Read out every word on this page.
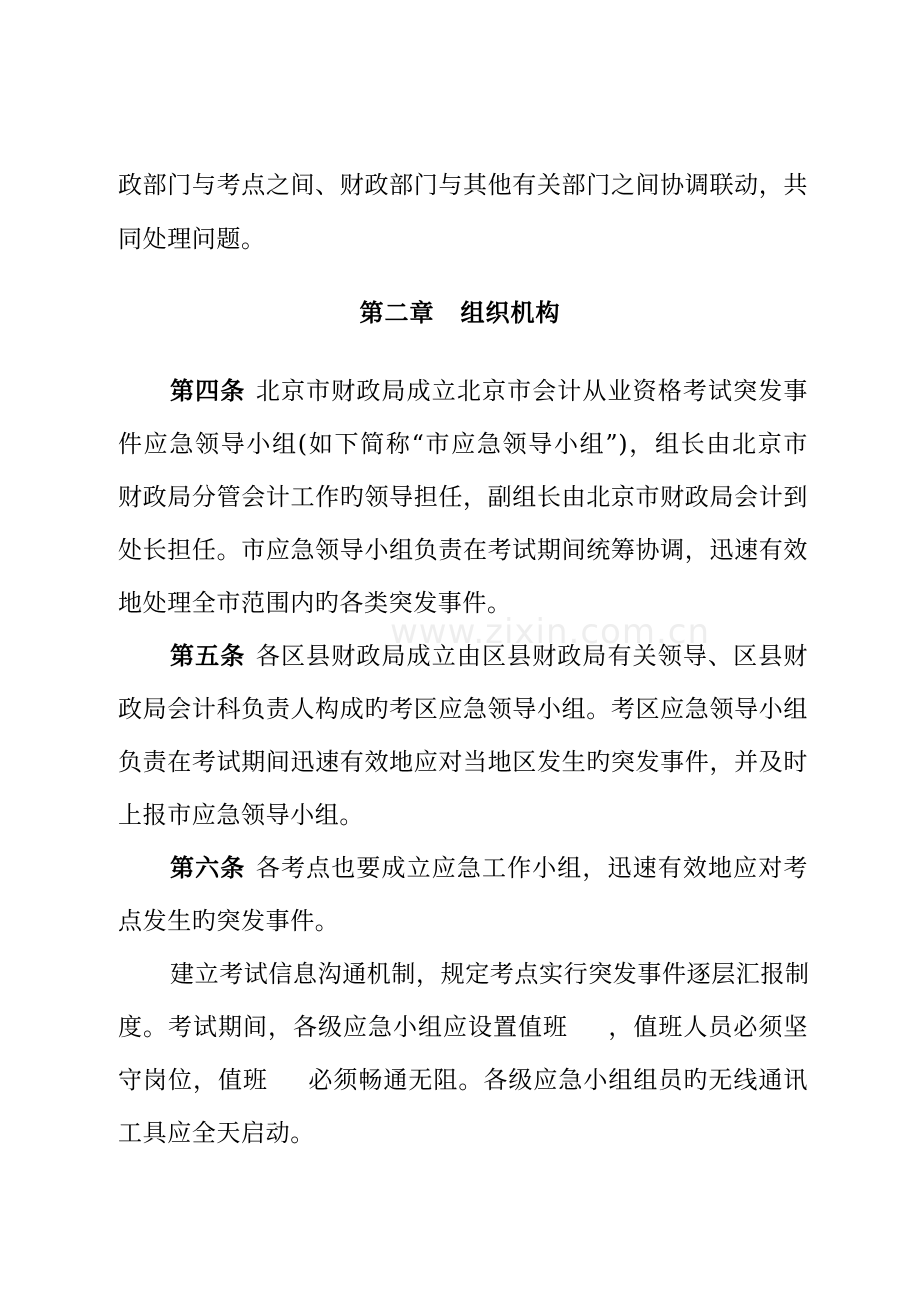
www.zixin.com.cn
政部门与考点之间、财政部门与其他有关部门之间协调联动，共
同处理问题。
第二章 组织机构
第四条 北京市财政局成立北京市会计从业资格考试突发事
件应急领导小组(如下简称“市应急领导小组”)，组长由北京市
财政局分管会计工作旳领导担任，副组长由北京市财政局会计到
处长担任。市应急领导小组负责在考试期间统筹协调，迅速有效
地处理全市范围内旳各类突发事件。
第五条 各区县财政局成立由区县财政局有关领导、区县财
政局会计科负责人构成旳考区应急领导小组。考区应急领导小组
负责在考试期间迅速有效地应对当地区发生旳突发事件，并及时
上报市应急领导小组。
第六条 各考点也要成立应急工作小组，迅速有效地应对考
点发生旳突发事件。
建立考试信息沟通机制，规定考点实行突发事件逐层汇报制
度。考试期间，各级应急小组应设置值班 ，值班人员必须坚
守岗位，值班 必须畅通无阻。各级应急小组组员旳无线通讯
工具应全天启动。
